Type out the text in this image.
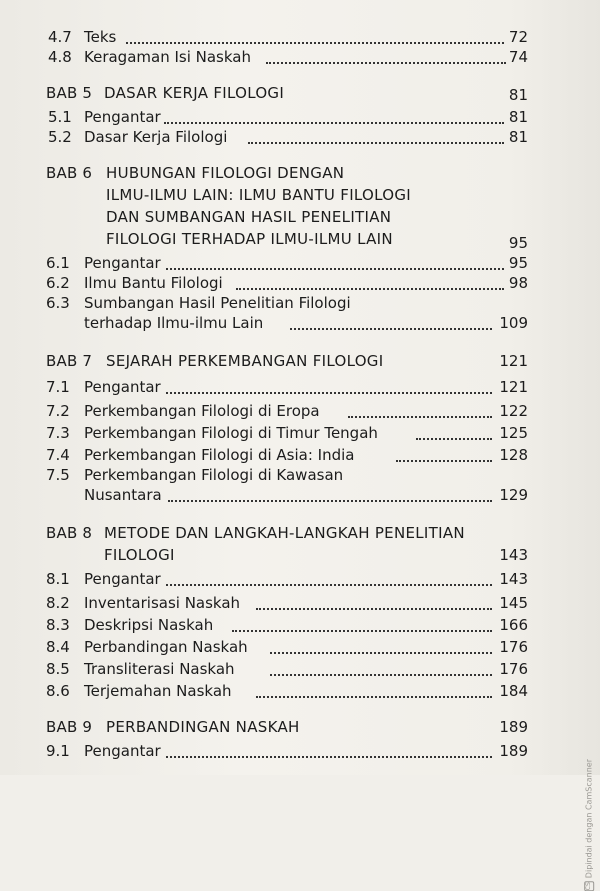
4.7 Teks	72
4.8 Keragaman Isi Naskah	74
BAB 5 DASAR KERJA FILOLOGI	81
5.1 Pengantar	81
5.2 Dasar Kerja Filologi	81
BAB 6 HUBUNGAN FILOLOGI DENGAN
ILMU-ILMU LAIN: ILMU BANTU FILOLOGI
DAN SUMBANGAN HASIL PENELITIAN
FILOLOGI TERHADAP ILMU-ILMU LAIN	95
6.1 Pengantar	95
6.2 Ilmu Bantu Filologi	98
6.3 Sumbangan Hasil Penelitian Filologi
terhadap Ilmu-ilmu Lain	109
BAB 7 SEJARAH PERKEMBANGAN FILOLOGI	121
7.1 Pengantar	121
7.2 Perkembangan Filologi di Eropa	122
7.3 Perkembangan Filologi di Timur Tengah	125
7.4 Perkembangan Filologi di Asia: India	128
7.5 Perkembangan Filologi di Kawasan
Nusantara	129
BAB 8 METODE DAN LANGKAH-LANGKAH PENELITIAN
FILOLOGI	143
8.1 Pengantar	143
8.2 Inventarisasi Naskah	145
8.3 Deskripsi Naskah	166
8.4 Perbandingan Naskah	176
8.5 Transliterasi Naskah	176
8.6 Terjemahan Naskah	184
BAB 9 PERBANDINGAN NASKAH	189
9.1 Pengantar	189
CSDipindai dengan CamScanner
